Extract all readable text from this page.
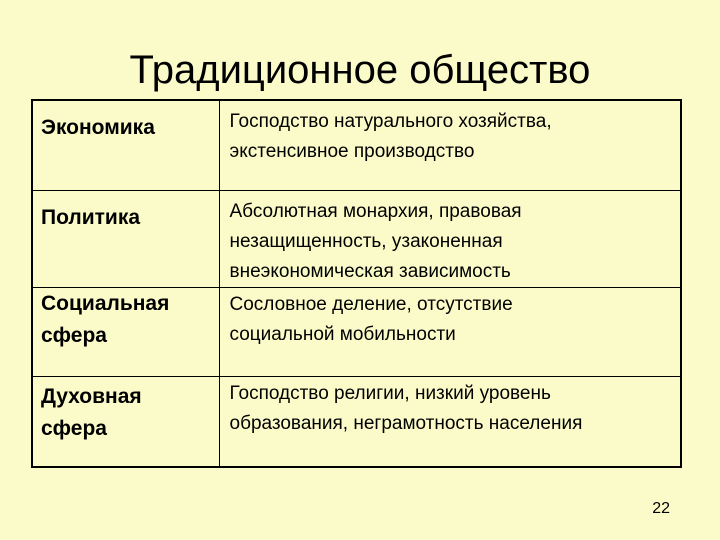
Традиционное общество
Экономика	Господство натурального хозяйства,
экстенсивное производство

Политика	Абсолютная монархия, правовая
незащищенность, узаконенная
внеэкономическая зависимость

Социальная
сфера	Сословное деление, отсутствие
социальной мобильности

Духовная
сфера	Господство религии, низкий уровень
образования, неграмотность населения
22
